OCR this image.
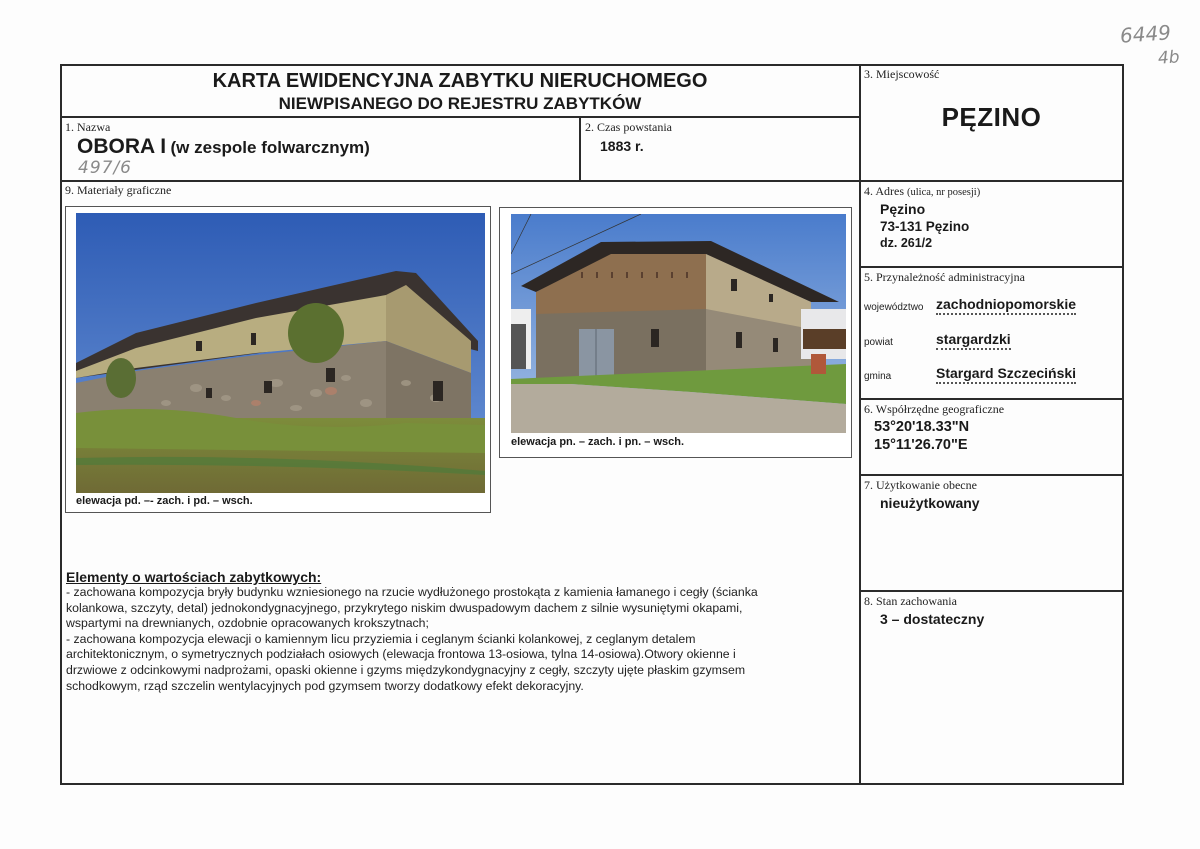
6449
4b
KARTA EWIDENCYJNA ZABYTKU NIERUCHOMEGO
NIEWPISANEGO DO REJESTRU ZABYTKÓW
1. Nazwa
OBORA I (w zespole folwarcznym)
497/6
2. Czas powstania
1883 r.
3. Miejscowość
PĘZINO
4. Adres (ulica, nr posesji)
Pęzino
73-131 Pęzino
dz. 261/2
5. Przynależność administracyjna
województwo zachodniopomorskie
powiat	stargardzki
gmina	Stargard Szczeciński
6. Współrzędne geograficzne
53°20'18.33"N
15°11'26.70"E
7. Użytkowanie obecne
nieużytkowany
8. Stan zachowania
3 – dostateczny
9. Materiały graficzne
elewacja pd. –- zach. i pd. – wsch.
elewacja pn. – zach. i pn. – wsch.
Elementy o wartościach zabytkowych:
- zachowana kompozycja bryły budynku wzniesionego na rzucie wydłużonego prostokąta z kamienia łamanego i cegły (ścianka
kolankowa, szczyty, detal) jednokondygnacyjnego, przykrytego niskim dwuspadowym dachem z silnie wysuniętymi okapami,
wspartymi na drewnianych, ozdobnie opracowanych krokszytnach;
- zachowana kompozycja elewacji o kamiennym licu przyziemia i ceglanym ścianki kolankowej, z ceglanym detalem
architektonicznym, o symetrycznych podziałach osiowych (elewacja frontowa 13-osiowa, tylna 14-osiowa).Otwory okienne i
drzwiowe z odcinkowymi nadprożami, opaski okienne i gzyms międzykondygnacyjny z cegły, szczyty ujęte płaskim gzymsem
schodkowym, rząd szczelin wentylacyjnych pod gzymsem tworzy dodatkowy efekt dekoracyjny.
